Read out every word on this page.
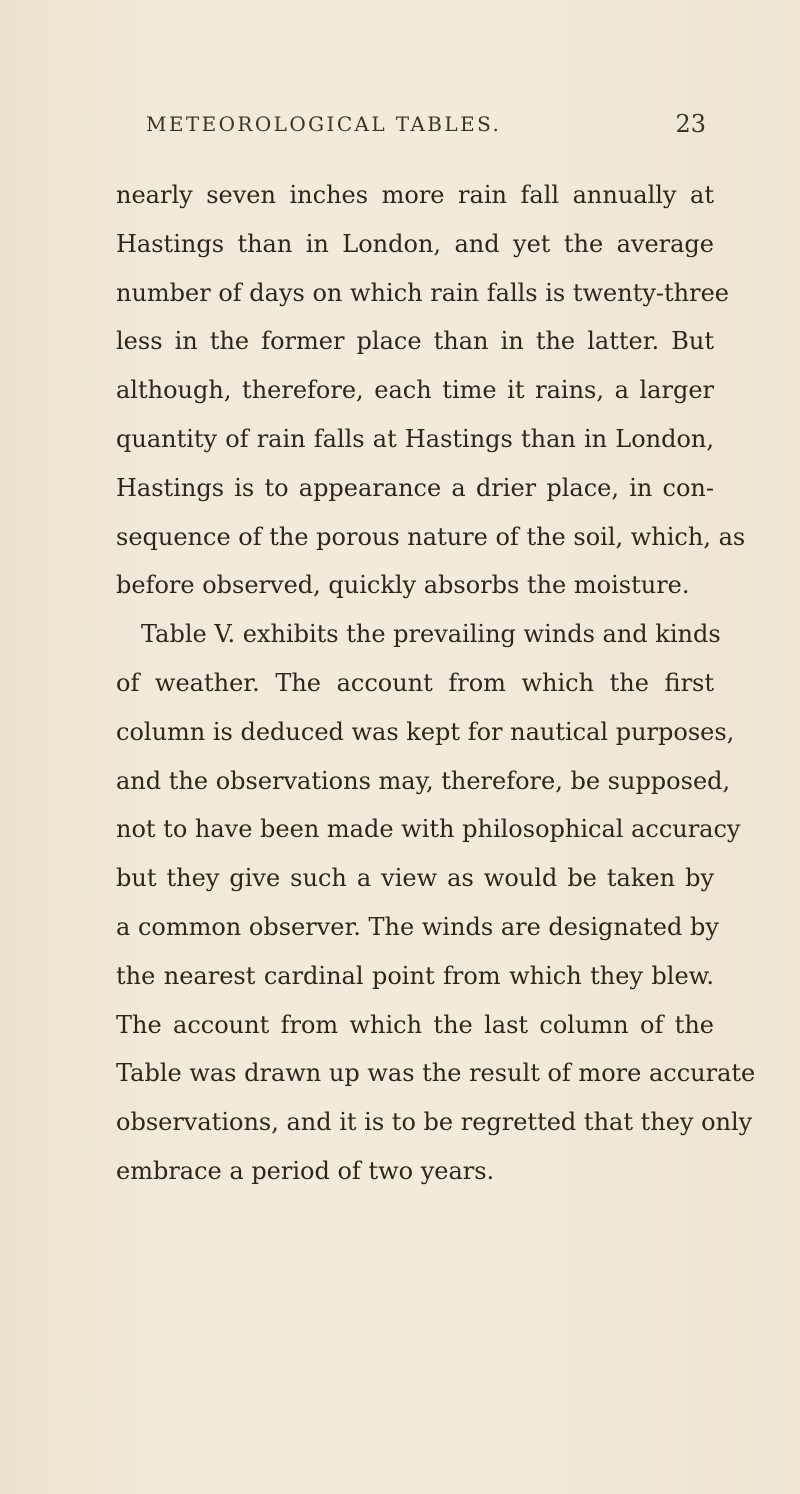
METEOROLOGICAL TABLES.	23
nearly seven inches more rain fall annually at
Hastings than in London, and yet the average
number of days on which rain falls is twenty-three
less in the former place than in the latter. But
although, therefore, each time it rains, a larger
quantity of rain falls at Hastings than in London,
Hastings is to appearance a drier place, in con-
sequence of the porous nature of the soil, which, as
before observed, quickly absorbs the moisture.
Table V. exhibits the prevailing winds and kinds
of weather. The account from which the first
column is deduced was kept for nautical purposes,
and the observations may, therefore, be supposed,
not to have been made with philosophical accuracy
but they give such a view as would be taken by
a common observer. The winds are designated by
the nearest cardinal point from which they blew.
The account from which the last column of the
Table was drawn up was the result of more accurate
observations, and it is to be regretted that they only
embrace a period of two years.
